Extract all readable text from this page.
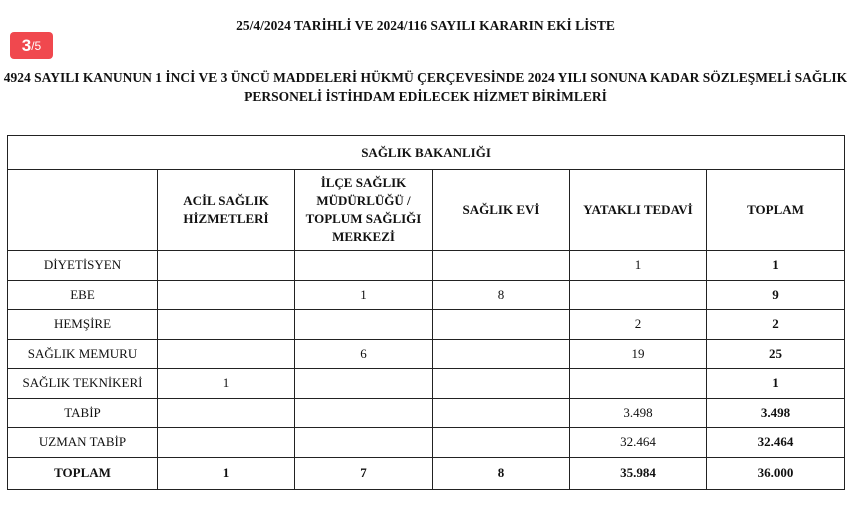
3 /5
25/4/2024 TARİHLİ VE 2024/116 SAYILI KARARIN EKİ LİSTE
4924 SAYILI KANUNUN 1 İNCİ VE 3 ÜNCÜ MADDELERİ HÜKMÜ ÇERÇEVESİNDE 2024 YILI SONUNA KADAR SÖZLEŞMELİ SAĞLIK
PERSONELİ İSTİHDAM EDİLECEK HİZMET BİRİMLERİ
SAĞLIK BAKANLIĞI					
	ACİL SAĞLIK HİZMETLERİ	İLÇE SAĞLIK MÜDÜRLÜĞÜ / TOPLUM SAĞLIĞI MERKEZİ	SAĞLIK EVİ	YATAKLI TEDAVİ	TOPLAM
DİYETİSYEN				1	1
EBE		1	8		9
HEMŞİRE				2	2
SAĞLIK MEMURU		6		19	25
SAĞLIK TEKNİKERİ	1				1
TABİP				3.498	3.498
UZMAN TABİP				32.464	32.464
TOPLAM	1	7	8	35.984	36.000
